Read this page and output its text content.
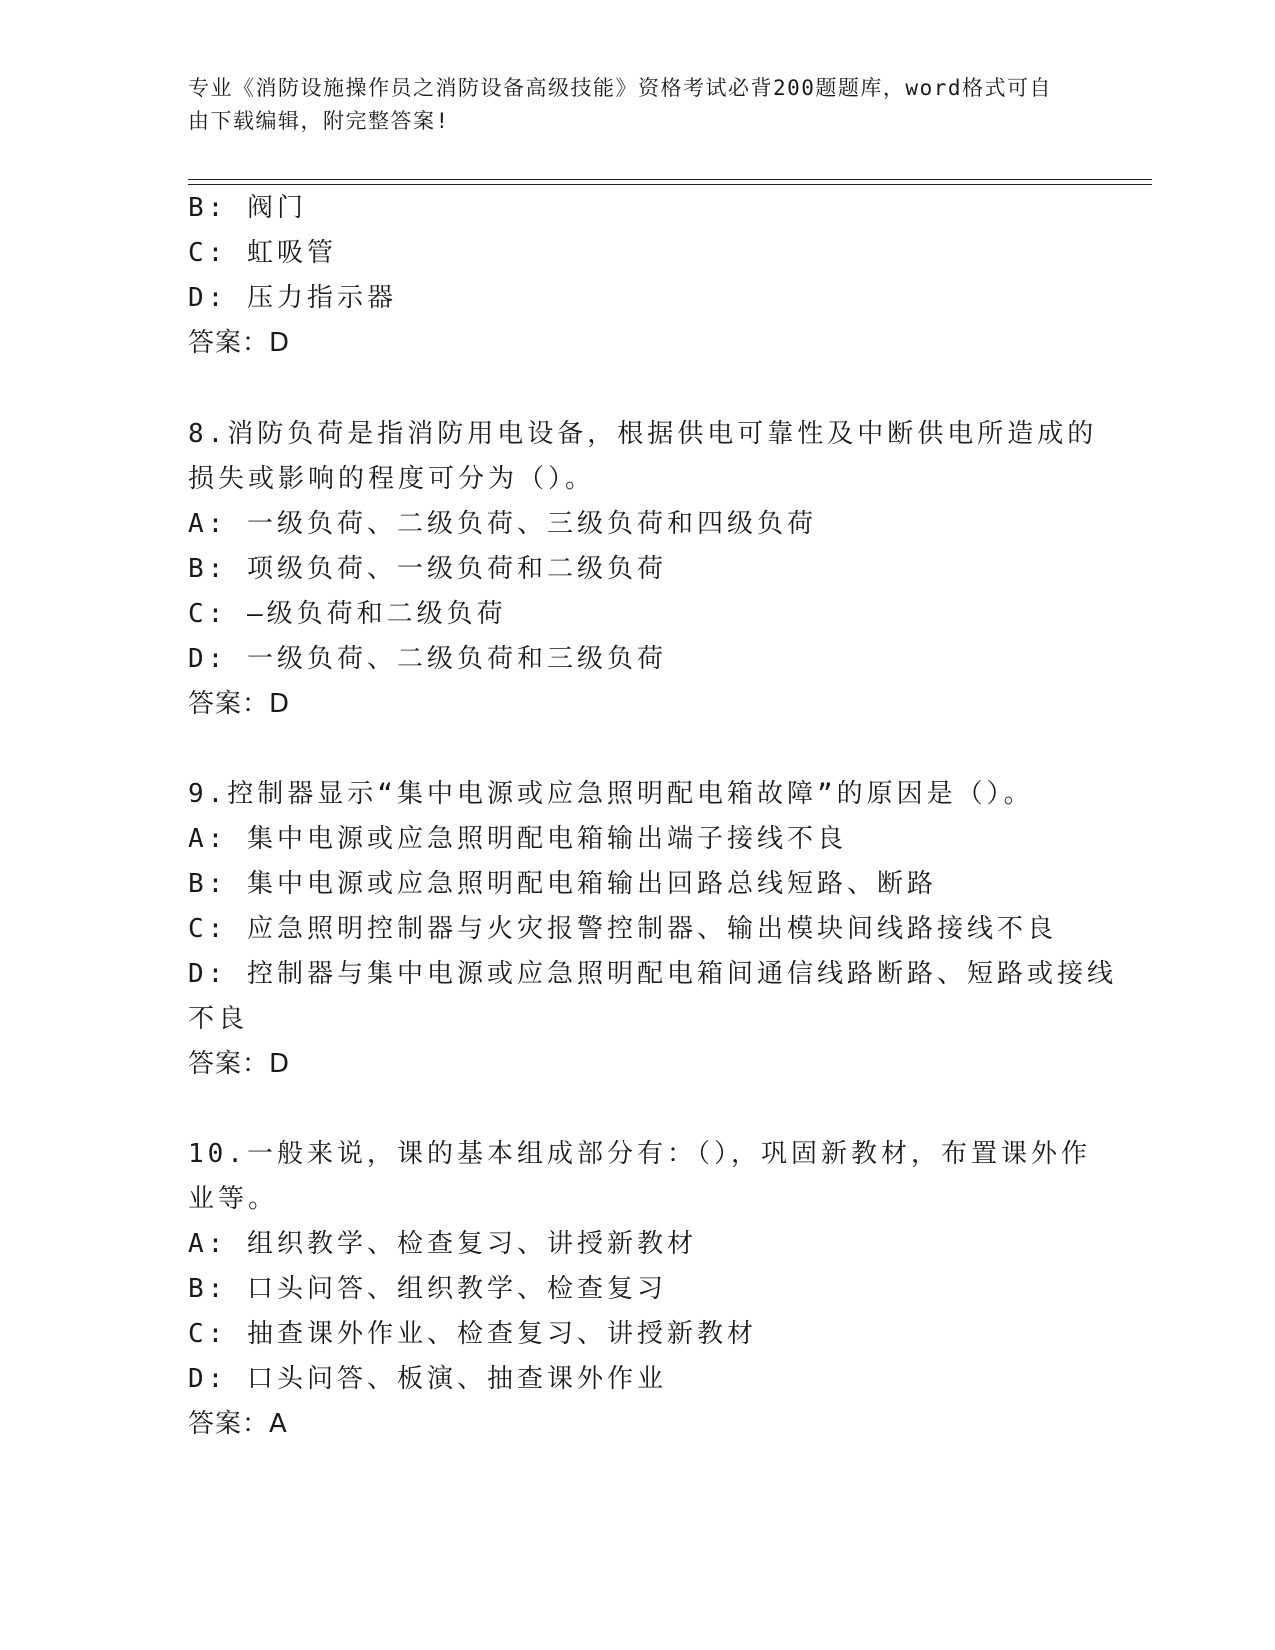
专业《消防设施操作员之消防设备高级技能》资格考试必背200题题库，word格式可自由下载编辑，附完整答案!
B: 阀门
C: 虹吸管
D: 压力指示器
答案：D
8.消防负荷是指消防用电设备，根据供电可靠性及中断供电所造成的
损失或影响的程度可分为（）。
A: 一级负荷、二级负荷、三级负荷和四级负荷
B: 项级负荷、一级负荷和二级负荷
C: —级负荷和二级负荷
D: 一级负荷、二级负荷和三级负荷
答案：D
9.控制器显示“集中电源或应急照明配电箱故障”的原因是（）。
A: 集中电源或应急照明配电箱输出端子接线不良
B: 集中电源或应急照明配电箱输出回路总线短路、断路
C: 应急照明控制器与火灾报警控制器、输出模块间线路接线不良
D: 控制器与集中电源或应急照明配电箱间通信线路断路、短路或接线
不良
答案：D
10.一般来说，课的基本组成部分有：（），巩固新教材，布置课外作
业等。
A: 组织教学、检查复习、讲授新教材
B: 口头问答、组织教学、检查复习
C: 抽查课外作业、检查复习、讲授新教材
D: 口头问答、板演、抽查课外作业
答案：A
